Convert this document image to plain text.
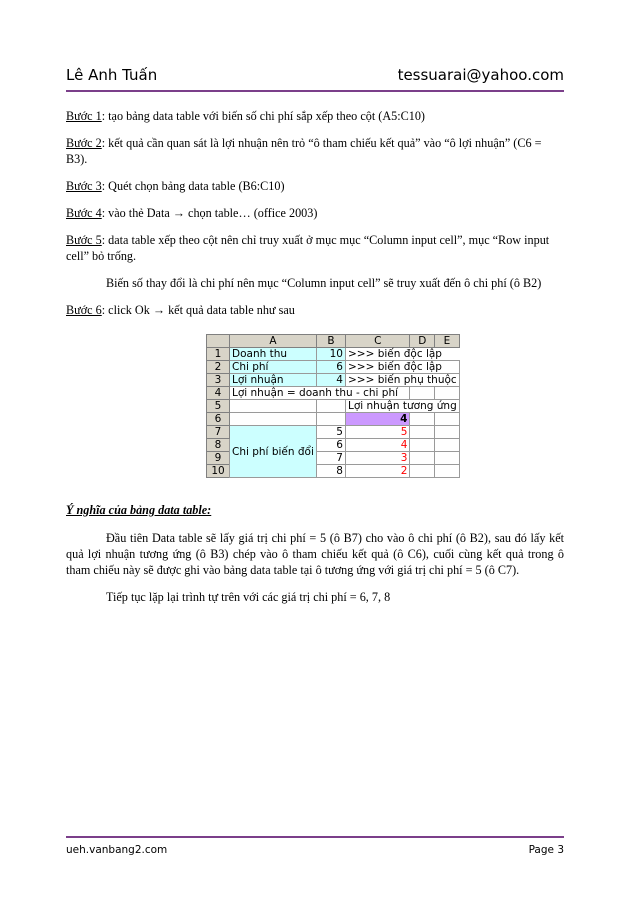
Lê Anh Tuấn	tessuarai@yahoo.com

Bước 1: tạo bảng data table với biến số chi phí sắp xếp theo cột (A5:C10)

Bước 2: kết quả cần quan sát là lợi nhuận nên trỏ “ô tham chiếu kết quả” vào “ô lợi nhuận” (C6 = B3).

Bước 3: Quét chọn bảng data table (B6:C10)

Bước 4: vào thẻ Data → chọn table… (office 2003)

Bước 5: data table xếp theo cột nên chỉ truy xuất ở mục mục “Column input cell”, mục “Row input cell” bỏ trống.

Biến số thay đổi là chi phí nên mục “Column input cell” sẽ truy xuất đến ô chi phí (ô B2)

Bước 6: click Ok → kết quả data table như sau

	A	B	C	D	E
1	Doanh thu	10	>>> biến độc lập		
2	Chi phí	6	>>> biến độc lập		
3	Lợi nhuận	4	>>> biến phụ thuộc		
4	Lợi nhuận = doanh thu - chi phí				
5			Lợi nhuận tương ứng		
6			4		
7	Chi phí biến đổi	5	5		
8		6	4		
9		7	3		
10		8	2		

Ý nghĩa của bảng data table:

Đầu tiên Data table sẽ lấy giá trị chi phí = 5 (ô B7) cho vào ô chi phí (ô B2), sau đó lấy kết quả lợi nhuận tương ứng (ô B3) chép vào ô tham chiếu kết quả (ô C6), cuối cùng kết quả trong ô tham chiếu này sẽ được ghi vào bảng data table tại ô tương ứng với giá trị chi phí = 5 (ô C7).

Tiếp tục lặp lại trình tự trên với các giá trị chi phí = 6, 7, 8

ueh.vanbang2.com	Page 3
